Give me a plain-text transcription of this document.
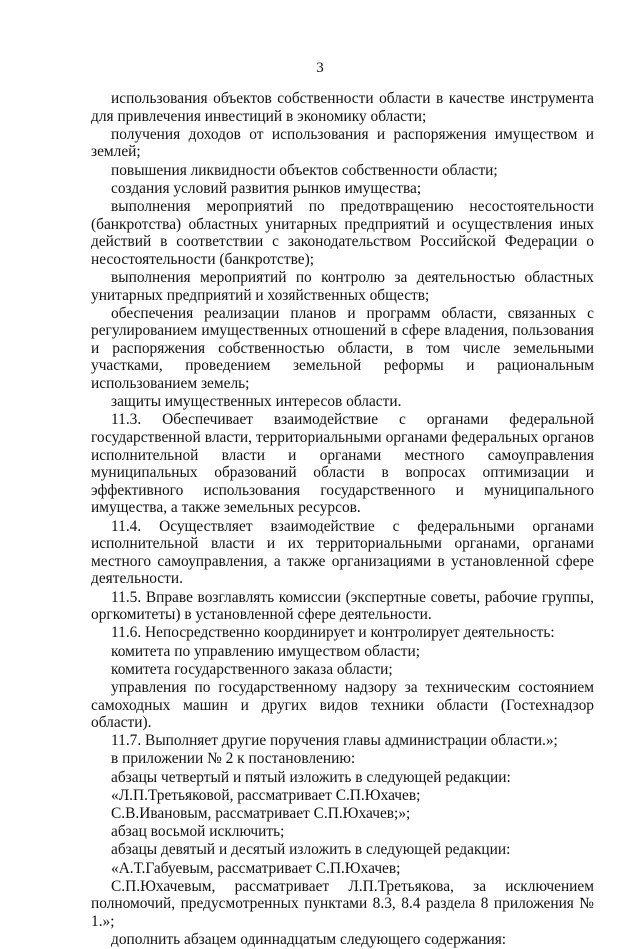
3

использования объектов собственности области в качестве инструмента для привлечения инвестиций в экономику области;

получения доходов от использования и распоряжения имуществом и землей;

повышения ликвидности объектов собственности области;

создания условий развития рынков имущества;

выполнения мероприятий по предотвращению несостоятельности (банкротства) областных унитарных предприятий и осуществления иных действий в соответствии с законодательством Российской Федерации о несостоятельности (банкротстве);

выполнения мероприятий по контролю за деятельностью областных унитарных предприятий и хозяйственных обществ;

обеспечения реализации планов и программ области, связанных с регулированием имущественных отношений в сфере владения, пользования и распоряжения собственностью области, в том числе земельными участками, проведением земельной реформы и рациональным использованием земель;

защиты имущественных интересов области.

11.3. Обеспечивает взаимодействие с органами федеральной государственной власти, территориальными органами федеральных органов исполнительной власти и органами местного самоуправления муниципальных образований области в вопросах оптимизации и эффективного использования государственного и муниципального имущества, а также земельных ресурсов.

11.4. Осуществляет взаимодействие с федеральными органами исполнительной власти и их территориальными органами, органами местного самоуправления, а также организациями в установленной сфере деятельности.

11.5. Вправе возглавлять комиссии (экспертные советы, рабочие группы, оргкомитеты) в установленной сфере деятельности.

11.6. Непосредственно координирует и контролирует деятельность:

комитета по управлению имуществом области;

комитета государственного заказа области;

управления по государственному надзору за техническим состоянием самоходных машин и других видов техники области (Гостехнадзор области).

11.7. Выполняет другие поручения главы администрации области.»;

в приложении № 2 к постановлению:

абзацы четвертый и пятый изложить в следующей редакции:

«Л.П.Третьяковой, рассматривает С.П.Юхачев;

С.В.Ивановым, рассматривает С.П.Юхачев;»;

абзац восьмой исключить;

абзацы девятый и десятый изложить в следующей редакции:

«А.Т.Габуевым, рассматривает С.П.Юхачев;

С.П.Юхачевым, рассматривает Л.П.Третьякова, за исключением полномочий, предусмотренных пунктами 8.3, 8.4 раздела 8 приложения № 1.»;

дополнить абзацем одиннадцатым следующего содержания:
